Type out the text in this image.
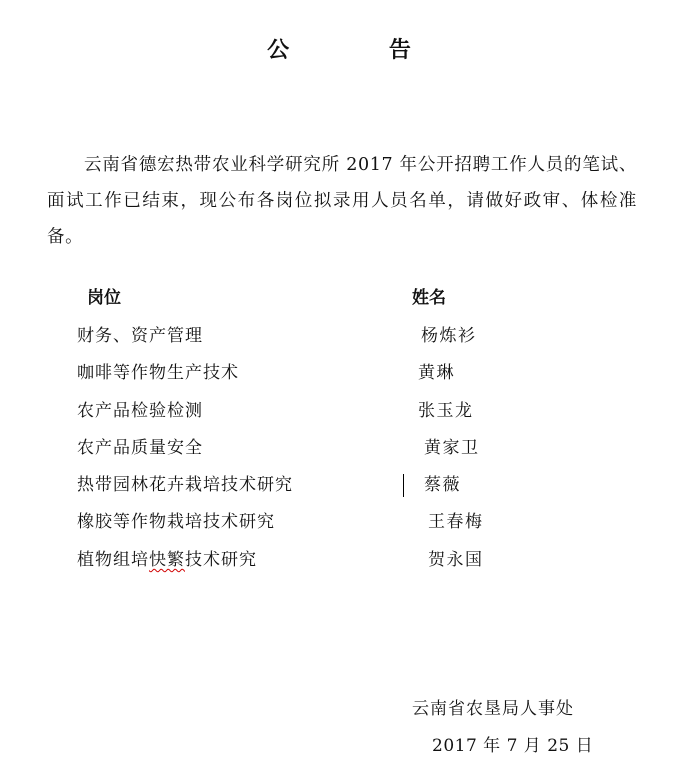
公 告
云南省德宏热带农业科学研究所 2017 年公开招聘工作人员的笔试、面试工作已结束，现公布各岗位拟录用人员名单，请做好政审、体检准备。
岗位	姓名
财务、资产管理	杨炼衫
咖啡等作物生产技术	黄琳
农产品检验检测	张玉龙
农产品质量安全	黄家卫
热带园林花卉栽培技术研究	蔡薇
橡胶等作物栽培技术研究	王春梅
植物组培快繁技术研究	贺永国
云南省农垦局人事处
2017 年 7 月 25 日
